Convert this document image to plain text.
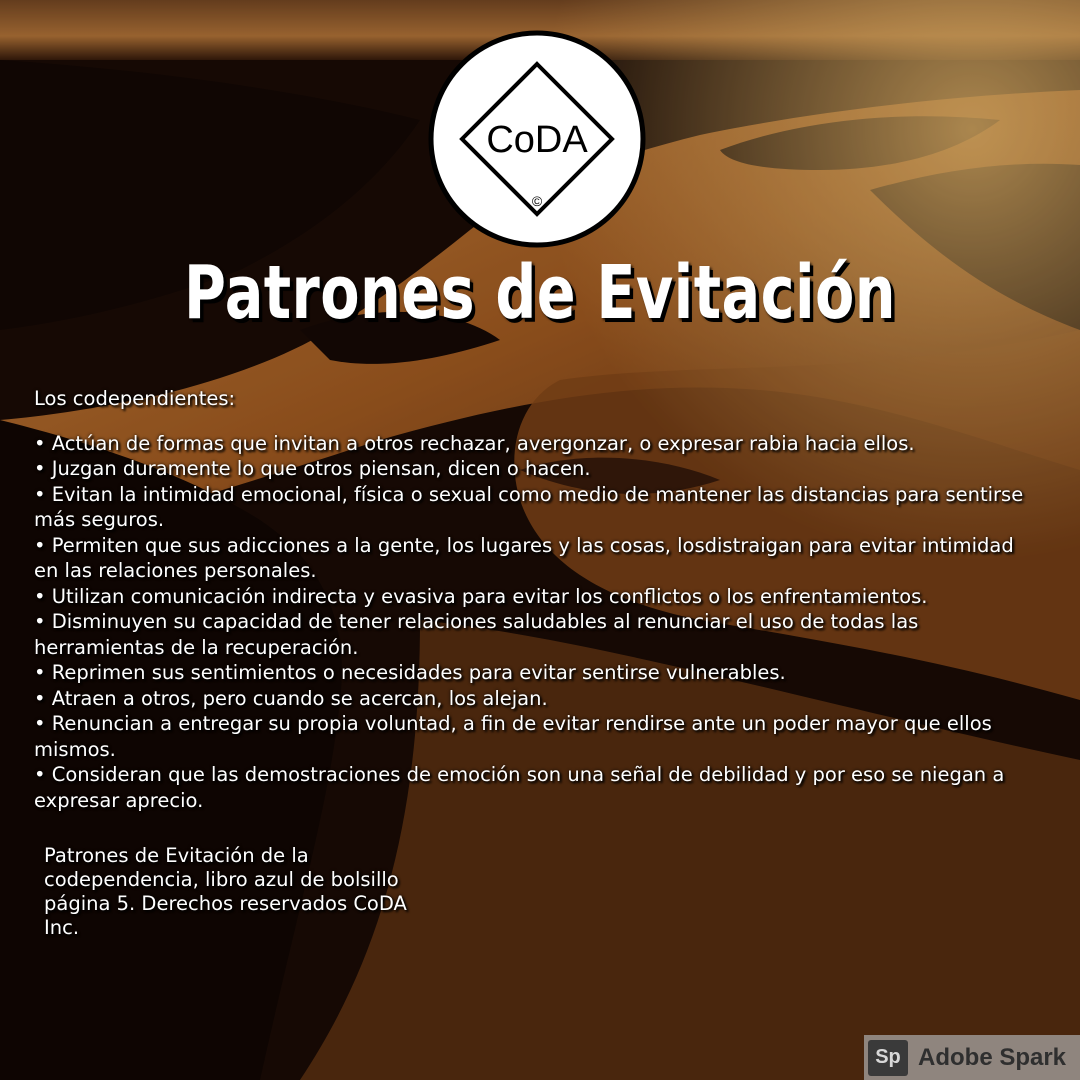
CoDA
©
Patrones de Evitación
Los codependientes:
• Actúan de formas que invitan a otros rechazar, avergonzar, o expresar rabia hacia ellos.
• Juzgan duramente lo que otros piensan, dicen o hacen.
• Evitan la intimidad emocional, física o sexual como medio de mantener las distancias para sentirse más seguros.
• Permiten que sus adicciones a la gente, los lugares y las cosas, losdistraigan para evitar intimidad en las relaciones personales.
• Utilizan comunicación indirecta y evasiva para evitar los conflictos o los enfrentamientos.
• Disminuyen su capacidad de tener relaciones saludables al renunciar el uso de todas las herramientas de la recuperación.
• Reprimen sus sentimientos o necesidades para evitar sentirse vulnerables.
• Atraen a otros, pero cuando se acercan, los alejan.
• Renuncian a entregar su propia voluntad, a fin de evitar rendirse ante un poder mayor que ellos mismos.
• Consideran que las demostraciones de emoción son una señal de debilidad y por eso se niegan a expresar aprecio.
Patrones de Evitación de la codependencia, libro azul de bolsillo página 5. Derechos reservados CoDA Inc.
Sp Adobe Spark
